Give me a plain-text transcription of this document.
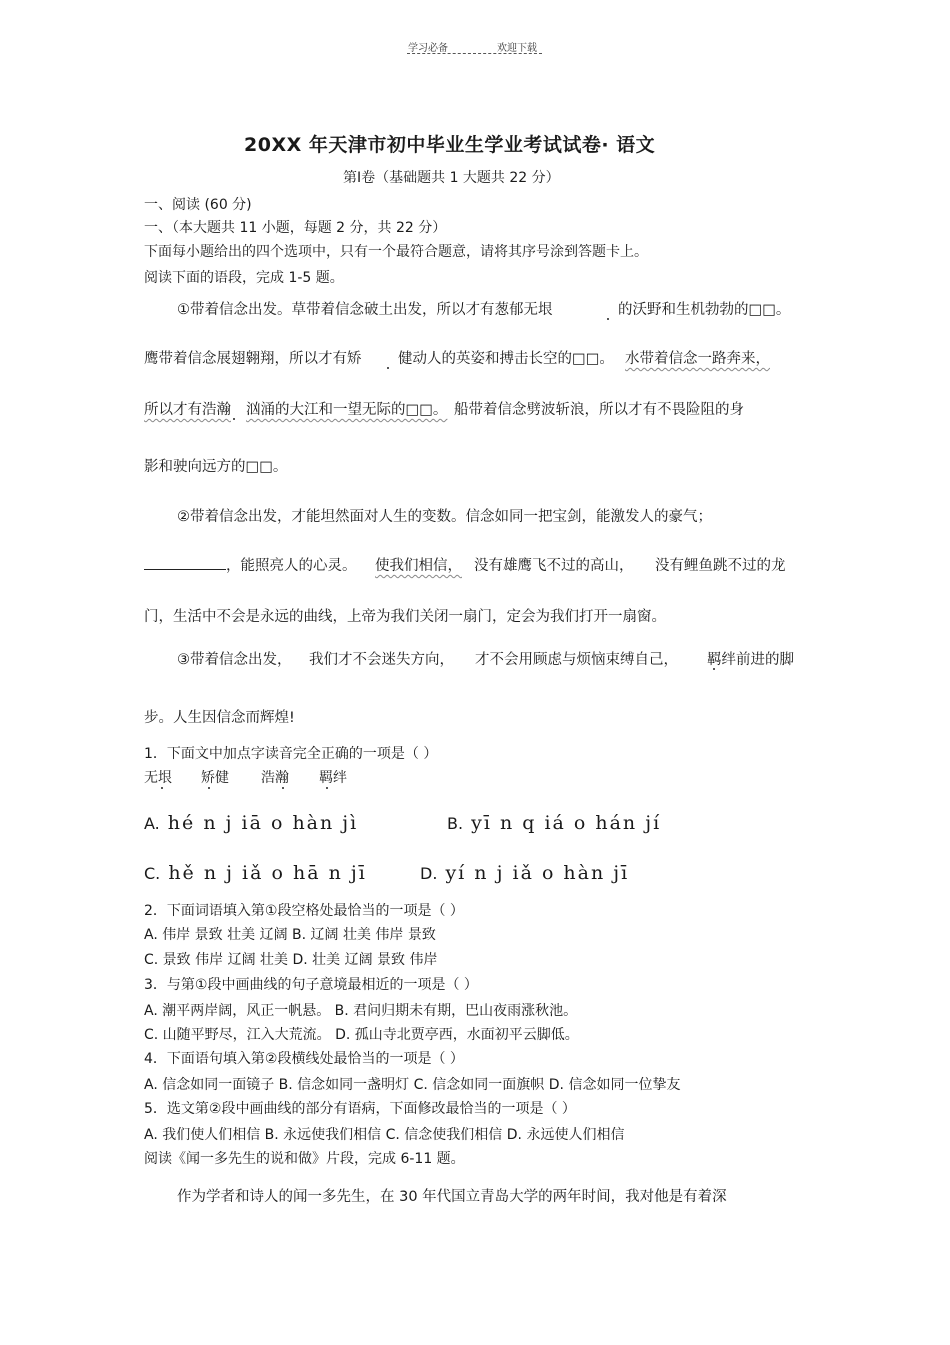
学习必备	欢迎下载
20XX 年天津市初中毕业生学业考试试卷· 语文
第Ⅰ卷（基础题共 1 大题共 22 分）
一、阅读 (60 分)
一、（本大题共 11 小题，每题 2 分，共 22 分）
下面每小题给出的四个选项中，只有一个最符合题意，请将其序号涂到答题卡上。
阅读下面的语段，完成 1-5 题。
①带着信念出发。草带着信念破土出发，所以才有葱郁无垠	的沃野和生机勃勃的□□。
鹰带着信念展翅翱翔，所以才有矫	健动人的英姿和搏击长空的□□。 水带着信念一路奔来，
所以才有浩瀚 汹涌的大江和一望无际的□□。 船带着信念劈波斩浪，所以才有不畏险阻的身
影和驶向远方的□□。
②带着信念出发，才能坦然面对人生的变数。信念如同一把宝剑，能激发人的豪气；
，能照亮人的心灵。 使我们相信， 没有雄鹰飞不过的高山， 没有鲤鱼跳不过的龙
门，生活中不会是永远的曲线，上帝为我们关闭一扇门，定会为我们打开一扇窗。
③带着信念出发， 我们才不会迷失方向， 才不会用顾虑与烦恼束缚自己， 羁绊前进的脚
步。人生因信念而辉煌!
1．下面文中加点字读音完全正确的一项是（ ）
无垠 矫健 浩瀚 羁绊
A. hé n j iā o hàn jì	B. yī n q iá o hán jí
C. hě n j iǎ o hā n jī	D. yí n j iǎ o hàn jī
2．下面词语填入第①段空格处最恰当的一项是（ ）
A. 伟岸 景致 壮美 辽阔 B. 辽阔 壮美 伟岸 景致
C. 景致 伟岸 辽阔 壮美 D. 壮美 辽阔 景致 伟岸
3．与第①段中画曲线的句子意境最相近的一项是（ ）
A. 潮平两岸阔，风正一帆悬。 B. 君问归期未有期，巴山夜雨涨秋池。
C. 山随平野尽，江入大荒流。 D. 孤山寺北贾亭西，水面初平云脚低。
4．下面语句填入第②段横线处最恰当的一项是（ ）
A. 信念如同一面镜子 B. 信念如同一盏明灯 C. 信念如同一面旗帜 D. 信念如同一位挚友
5．选文第②段中画曲线的部分有语病，下面修改最恰当的一项是（ ）
A. 我们使人们相信 B. 永远使我们相信 C. 信念使我们相信 D. 永远使人们相信
阅读《闻一多先生的说和做》片段，完成 6-11 题。
作为学者和诗人的闻一多先生，在 30 年代国立青岛大学的两年时间，我对他是有着深
